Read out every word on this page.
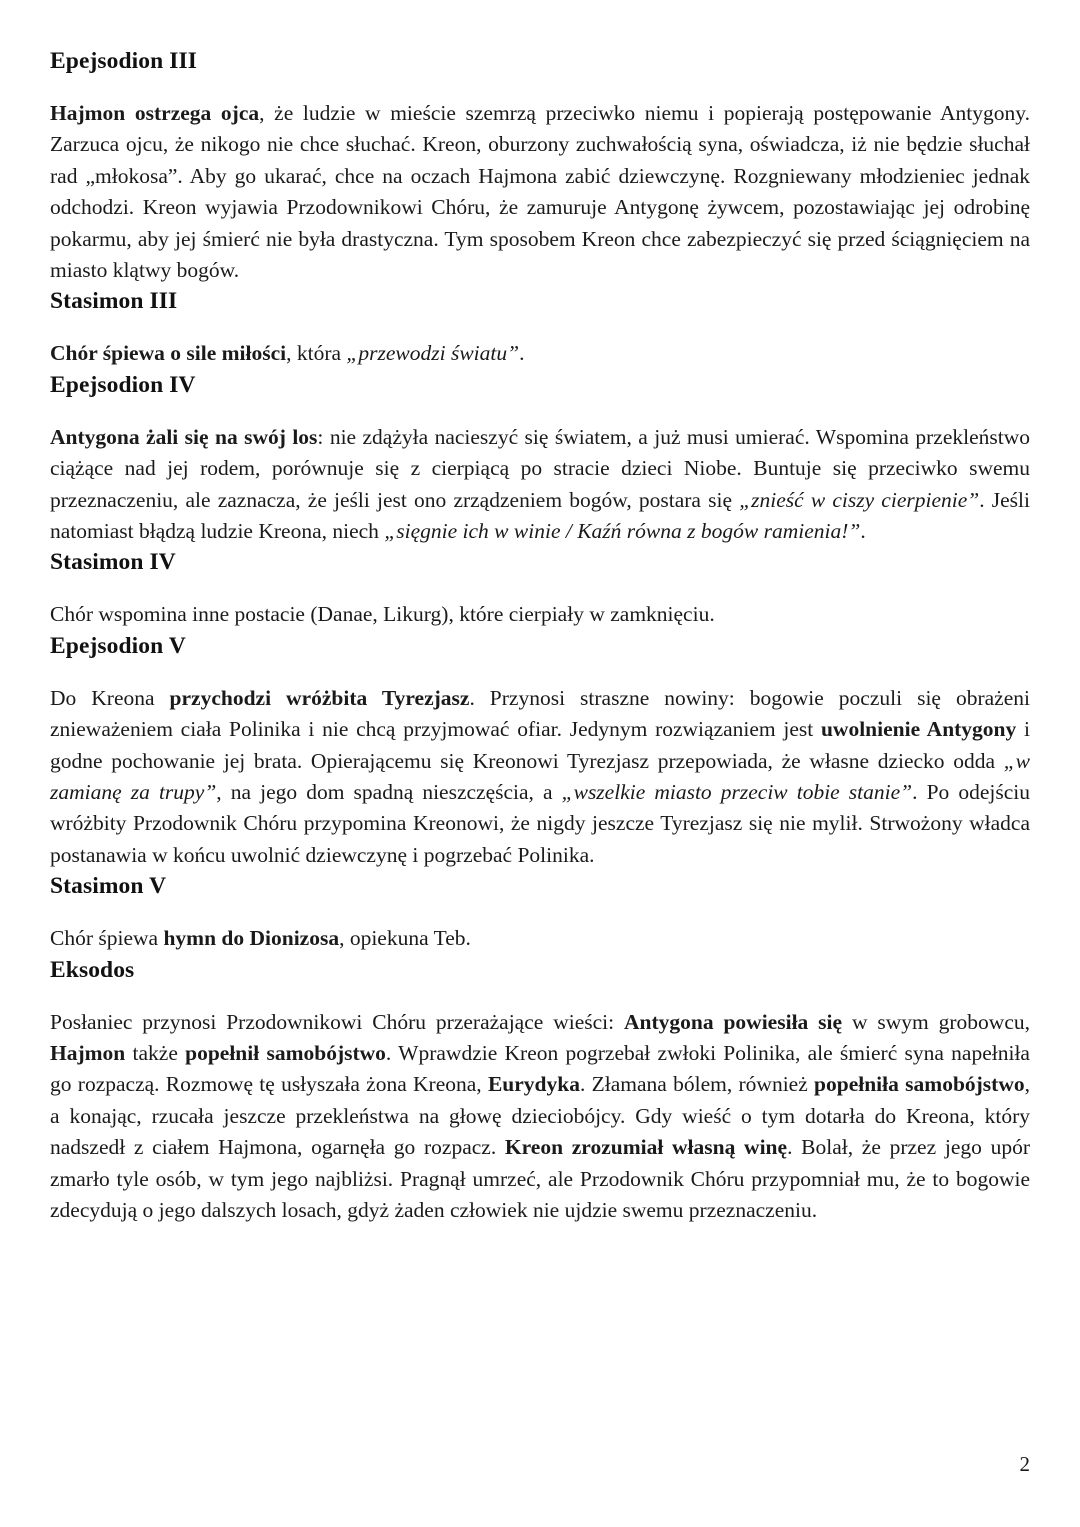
Epejsodion III

Hajmon ostrzega ojca, że ludzie w mieście szemrzą przeciwko niemu i popierają postępowanie Antygony. Zarzuca ojcu, że nikogo nie chce słuchać. Kreon, oburzony zuchwałością syna, oświadcza, iż nie będzie słuchał rad „młokosa”. Aby go ukarać, chce na oczach Hajmona zabić dziewczynę. Rozgniewany młodzieniec jednak odchodzi. Kreon wyjawia Przodownikowi Chóru, że zamuruje Antygonę żywcem, pozostawiając jej odrobinę pokarmu, aby jej śmierć nie była drastyczna. Tym sposobem Kreon chce zabezpieczyć się przed ściągnięciem na miasto klątwy bogów.

Stasimon III

Chór śpiewa o sile miłości, która „przewodzi światu”.

Epejsodion IV

Antygona żali się na swój los: nie zdążyła nacieszyć się światem, a już musi umierać. Wspomina przekleństwo ciążące nad jej rodem, porównuje się z cierpiącą po stracie dzieci Niobe. Buntuje się przeciwko swemu przeznaczeniu, ale zaznacza, że jeśli jest ono zrządzeniem bogów, postara się „znieść w ciszy cierpienie”. Jeśli natomiast błądzą ludzie Kreona, niech „sięgnie ich w winie / Kaźń równa z bogów ramienia!”.

Stasimon IV

Chór wspomina inne postacie (Danae, Likurg), które cierpiały w zamknięciu.

Epejsodion V

Do Kreona przychodzi wróżbita Tyrezjasz. Przynosi straszne nowiny: bogowie poczuli się obrażeni znieważeniem ciała Polinika i nie chcą przyjmować ofiar. Jedynym rozwiązaniem jest uwolnienie Antygony i godne pochowanie jej brata. Opierającemu się Kreonowi Tyrezjasz przepowiada, że własne dziecko odda „w zamianę za trupy”, na jego dom spadną nieszczęścia, a „wszelkie miasto przeciw tobie stanie”. Po odejściu wróżbity Przodownik Chóru przypomina Kreonowi, że nigdy jeszcze Tyrezjasz się nie mylił. Strwożony władca postanawia w końcu uwolnić dziewczynę i pogrzebać Polinika.

Stasimon V

Chór śpiewa hymn do Dionizosa, opiekuna Teb.

Eksodos

Posłaniec przynosi Przodownikowi Chóru przerażające wieści: Antygona powiesiła się w swym grobowcu, Hajmon także popełnił samobójstwo. Wprawdzie Kreon pogrzebał zwłoki Polinika, ale śmierć syna napełniła go rozpaczą. Rozmowę tę usłyszała żona Kreona, Eurydyka. Złamana bólem, również popełniła samobójstwo, a konając, rzucała jeszcze przekleństwa na głowę dzieciobójcy. Gdy wieść o tym dotarła do Kreona, który nadszedł z ciałem Hajmona, ogarnęła go rozpacz. Kreon zrozumiał własną winę. Bolał, że przez jego upór zmarło tyle osób, w tym jego najbliżsi. Pragnął umrzeć, ale Przodownik Chóru przypomniał mu, że to bogowie zdecydują o jego dalszych losach, gdyż żaden człowiek nie ujdzie swemu przeznaczeniu.

2
